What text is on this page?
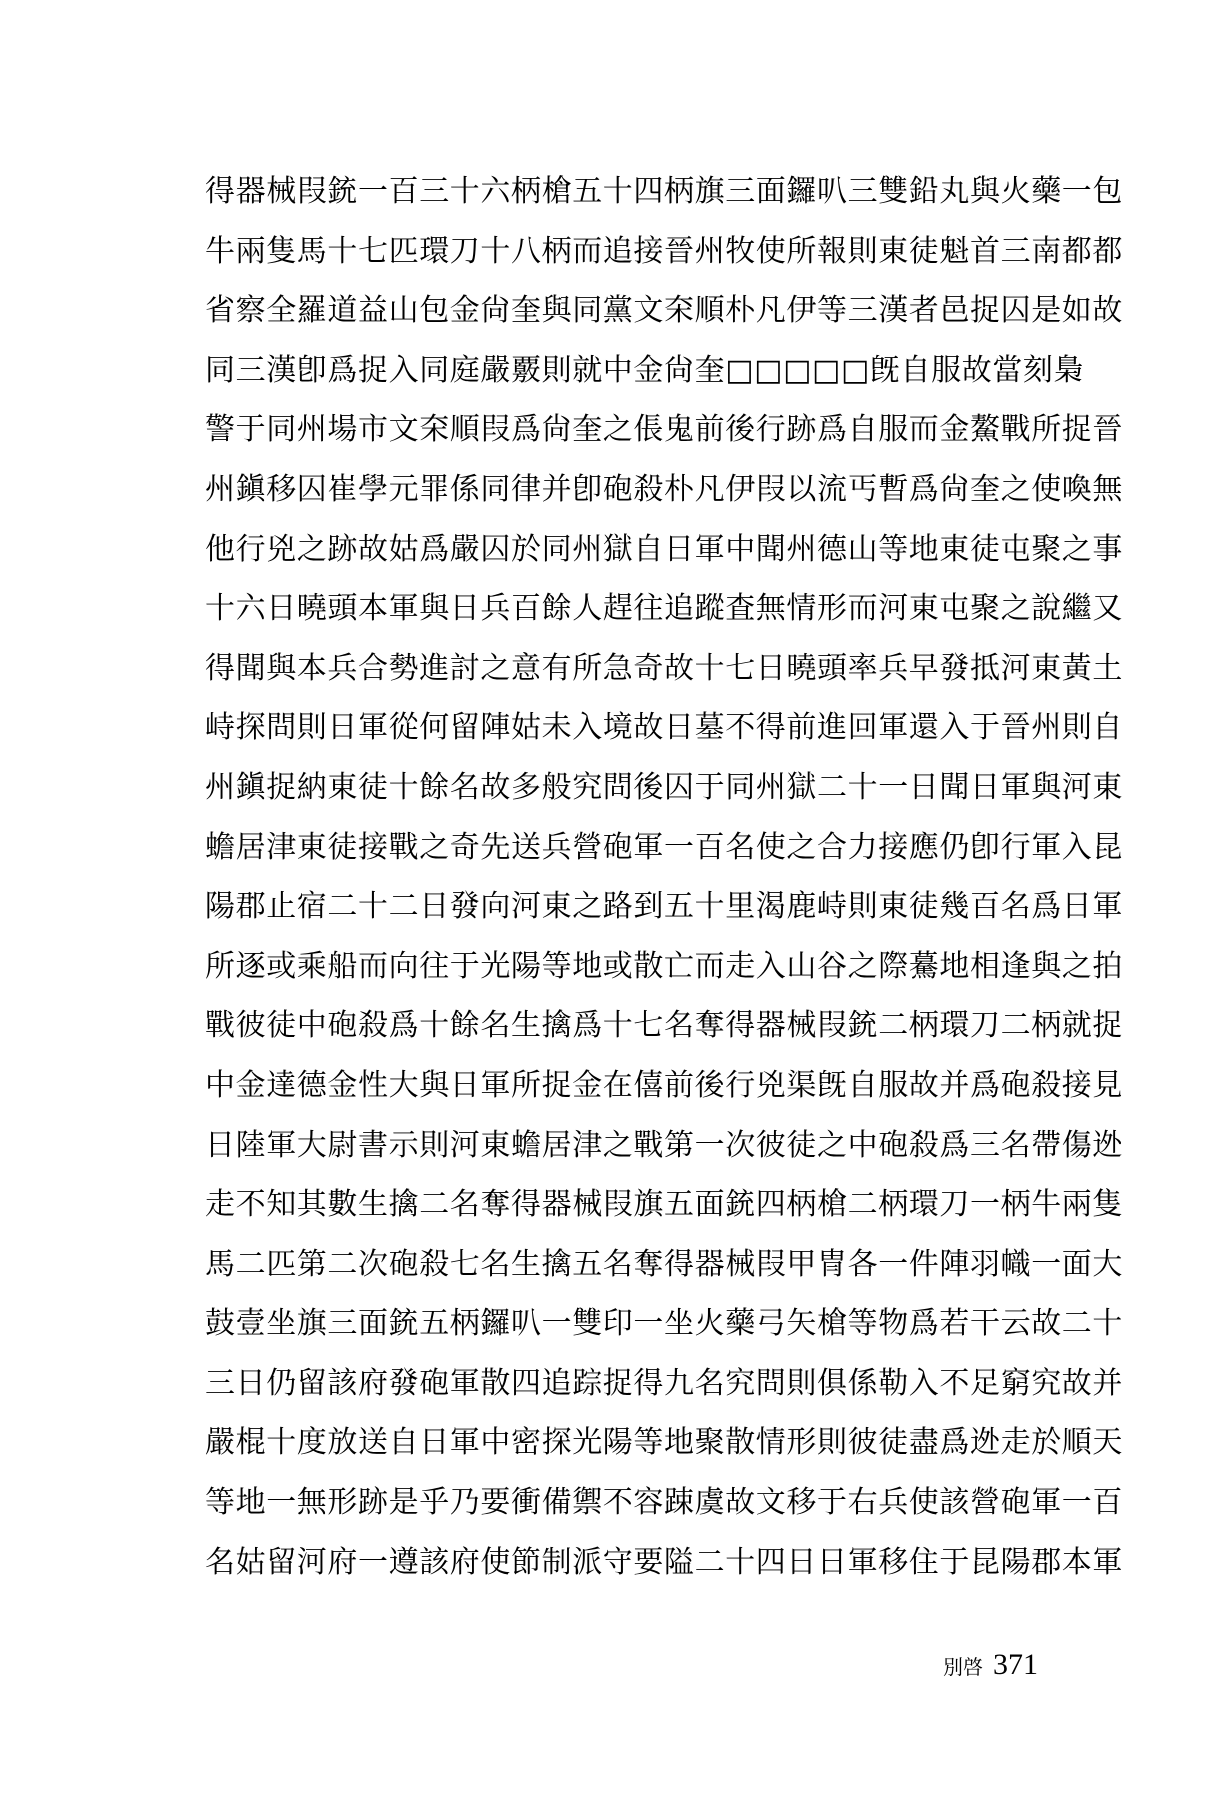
得器械叚銃一百三十六柄槍五十四柄旗三面鑼叭三雙鉛丸與火藥一包
牛兩隻馬十七匹環刀十八柄而追接晉州牧使所報則東徒魁首三南都都
省察全羅道益山包金尙奎與同黨文㚓順朴凡伊等三漢者邑捉囚是如故
同三漢卽爲捉入同庭嚴覈則就中金尙奎□□□□□旣自服故當刻梟
警于同州場市文㚓順叚爲尙奎之倀鬼前後行跡爲自服而金鰲戰所捉晉
州鎭移囚崔學元罪係同律并卽砲殺朴凡伊叚以流丐暫爲尙奎之使喚無
他行兇之跡故姑爲嚴囚於同州獄自日軍中聞州德山等地東徒屯聚之事
十六日曉頭本軍與日兵百餘人趕往追蹤査無情形而河東屯聚之說繼又
得聞與本兵合勢進討之意有所急奇故十七日曉頭率兵早發抵河東黃土
峙探問則日軍從何留陣姑未入境故日墓不得前進回軍還入于晉州則自
州鎭捉納東徒十餘名故多般究問後囚于同州獄二十一日聞日軍與河東
蟾居津東徒接戰之奇先送兵營砲軍一百名使之合力接應仍卽行軍入昆
陽郡止宿二十二日發向河東之路到五十里渴鹿峙則東徒幾百名爲日軍
所逐或乘船而向往于光陽等地或散亡而走入山谷之際驀地相逢與之拍
戰彼徒中砲殺爲十餘名生擒爲十七名奪得器械叚銃二柄環刀二柄就捉
中金達德金性大與日軍所捉金在僖前後行兇渠旣自服故并爲砲殺接見
日陸軍大尉書示則河東蟾居津之戰第一次彼徒之中砲殺爲三名帶傷迯
走不知其數生擒二名奪得器械叚旗五面銃四柄槍二柄環刀一柄牛兩隻
馬二匹第二次砲殺七名生擒五名奪得器械叚甲冑各一件陣羽幟一面大
鼓壹坐旗三面銃五柄鑼叭一雙印一坐火藥弓矢槍等物爲若干云故二十
三日仍留該府發砲軍散四追踪捉得九名究問則俱係勒入不足窮究故并
嚴棍十度放送自日軍中密探光陽等地聚散情形則彼徒盡爲迯走於順天
等地一無形跡是乎乃要衝備禦不容踈虞故文移于右兵使該營砲軍一百
名姑留河府一遵該府使節制派守要隘二十四日日軍移住于昆陽郡本軍
別啓 371
